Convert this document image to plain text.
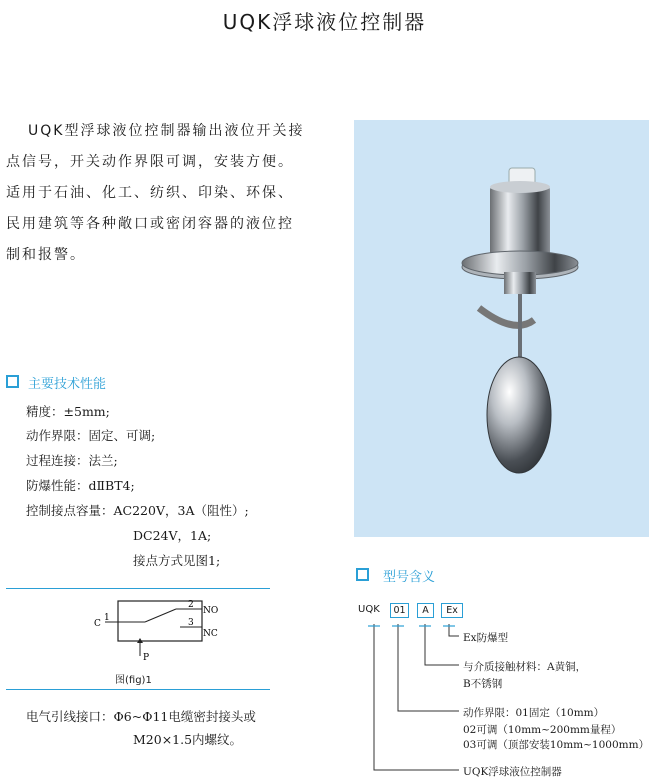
UQK浮球液位控制器
UQK型浮球液位控制器输出液位开关接
点信号，开关动作界限可调，安装方便。
适用于石油、化工、纺织、印染、环保、
民用建筑等各种敞口或密闭容器的液位控
制和报警。
主要技术性能
精度：±5mm;
动作界限：固定、可调;
过程连接：法兰;
防爆性能：dⅡBT4;
控制接点容量：AC220V，3A（阻性）;
DC24V，1A;
接点方式见图1;
C
1
2
3
NO
NC
P
图(fig)1
电气引线接口：Φ6~Φ11电缆密封接头或
M20×1.5内螺纹。
型号含义
UQK	01	A	Ex
Ex防爆型
与介质接触材料：A黄铜，
B不锈钢
动作界限：01固定（10mm）
02可调（10mm~200mm量程）
03可调（顶部安装10mm~1000mm）
UQK浮球液位控制器
